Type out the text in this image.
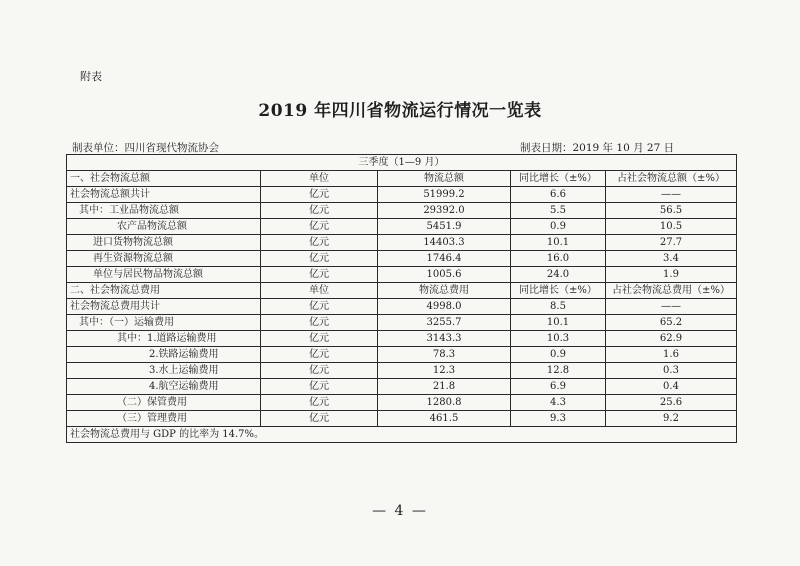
附表
2019 年四川省物流运行情况一览表
制表单位：四川省现代物流协会	制表日期：2019 年 10 月 27 日
三季度（1—9 月）				
一、社会物流总额	单位	物流总额	同比增长（±%）	占社会物流总额（±%）
社会物流总额共计	亿元	51999.2	6.6	——
其中：工业品物流总额	亿元	29392.0	5.5	56.5
农产品物流总额	亿元	5451.9	0.9	10.5
进口货物物流总额	亿元	14403.3	10.1	27.7
再生资源物流总额	亿元	1746.4	16.0	3.4
单位与居民物品物流总额	亿元	1005.6	24.0	1.9
二、社会物流总费用	单位	物流总费用	同比增长（±%）	占社会物流总费用（±%）
社会物流总费用共计	亿元	4998.0	8.5	——
其中：（一）运输费用	亿元	3255.7	10.1	65.2
其中：1.道路运输费用	亿元	3143.3	10.3	62.9
2.铁路运输费用	亿元	78.3	0.9	1.6
3.水上运输费用	亿元	12.3	12.8	0.3
4.航空运输费用	亿元	21.8	6.9	0.4
（二）保管费用	亿元	1280.8	4.3	25.6
（三）管理费用	亿元	461.5	9.3	9.2
社会物流总费用与 GDP 的比率为 14.7%。				
— 4 —
